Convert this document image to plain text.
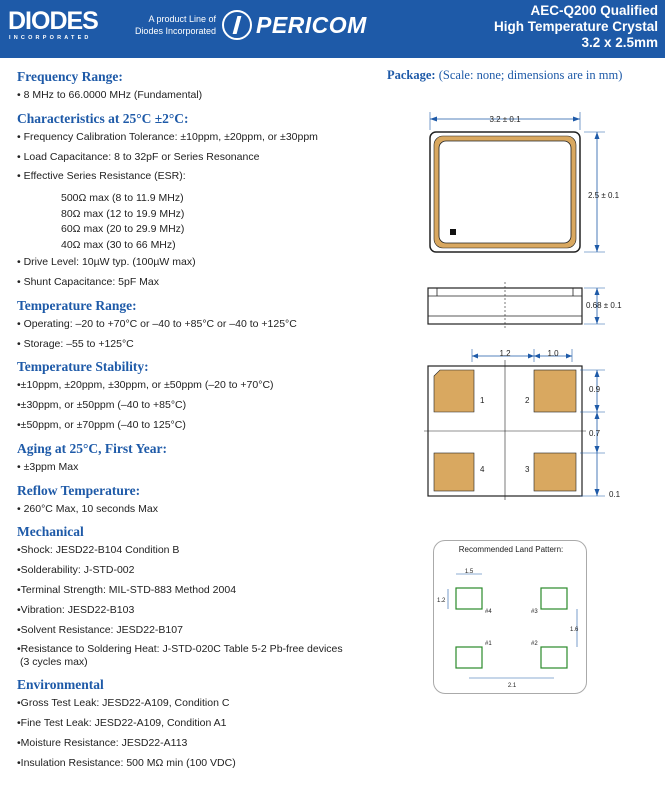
DIODES
INCORPORATED
A product Line of
Diodes Incorporated PERICOM
AEC-Q200 Qualified
High Temperature Crystal
3.2 x 2.5mm
Frequency Range:
• 8 MHz to 66.0000 MHz (Fundamental)
Characteristics at 25°C ±2°C:
• Frequency Calibration Tolerance: ±10ppm, ±20ppm, or ±30ppm
• Load Capacitance: 8 to 32pF or Series Resonance
• Effective Series Resistance (ESR):
500Ω max (8 to 11.9 MHz)
80Ω max (12 to 19.9 MHz)
60Ω max (20 to 29.9 MHz)
40Ω max (30 to 66 MHz)
• Drive Level: 10µW typ. (100µW max)
• Shunt Capacitance: 5pF Max
Temperature Range:
• Operating: –20 to +70°C or –40 to +85°C or –40 to +125°C
• Storage: –55 to +125°C
Temperature Stability:
•±10ppm, ±20ppm, ±30ppm, or ±50ppm (–20 to +70°C)
•±30ppm, or ±50ppm (–40 to +85°C)
•±50ppm, or ±70ppm (–40 to 125°C)
Aging at 25°C, First Year:
• ±3ppm Max
Reflow Temperature:
• 260°C Max, 10 seconds Max
Mechanical
•Shock: JESD22-B104 Condition B
•Solderability: J-STD-002
•Terminal Strength: MIL-STD-883 Method 2004
•Vibration: JESD22-B103
•Solvent Resistance: JESD22-B107
•Resistance to Soldering Heat: J-STD-020C Table 5-2 Pb-free devices
(3 cycles max)
Environmental
•Gross Test Leak: JESD22-A109, Condition C
•Fine Test Leak: JESD22-A109, Condition A1
•Moisture Resistance: JESD22-A113
•Insulation Resistance: 500 MΩ min (100 VDC)
Package: (Scale: none; dimensions are in mm)
3.2 ± 0.1
2.5 ± 0.1
0.68 ± 0.1
1.2	1.0
1	2
3
4
0.9
0.7
0.1
Recommended Land Pattern:
1.5
1.2
#4	#3
#1	#2
1.6
2.1
